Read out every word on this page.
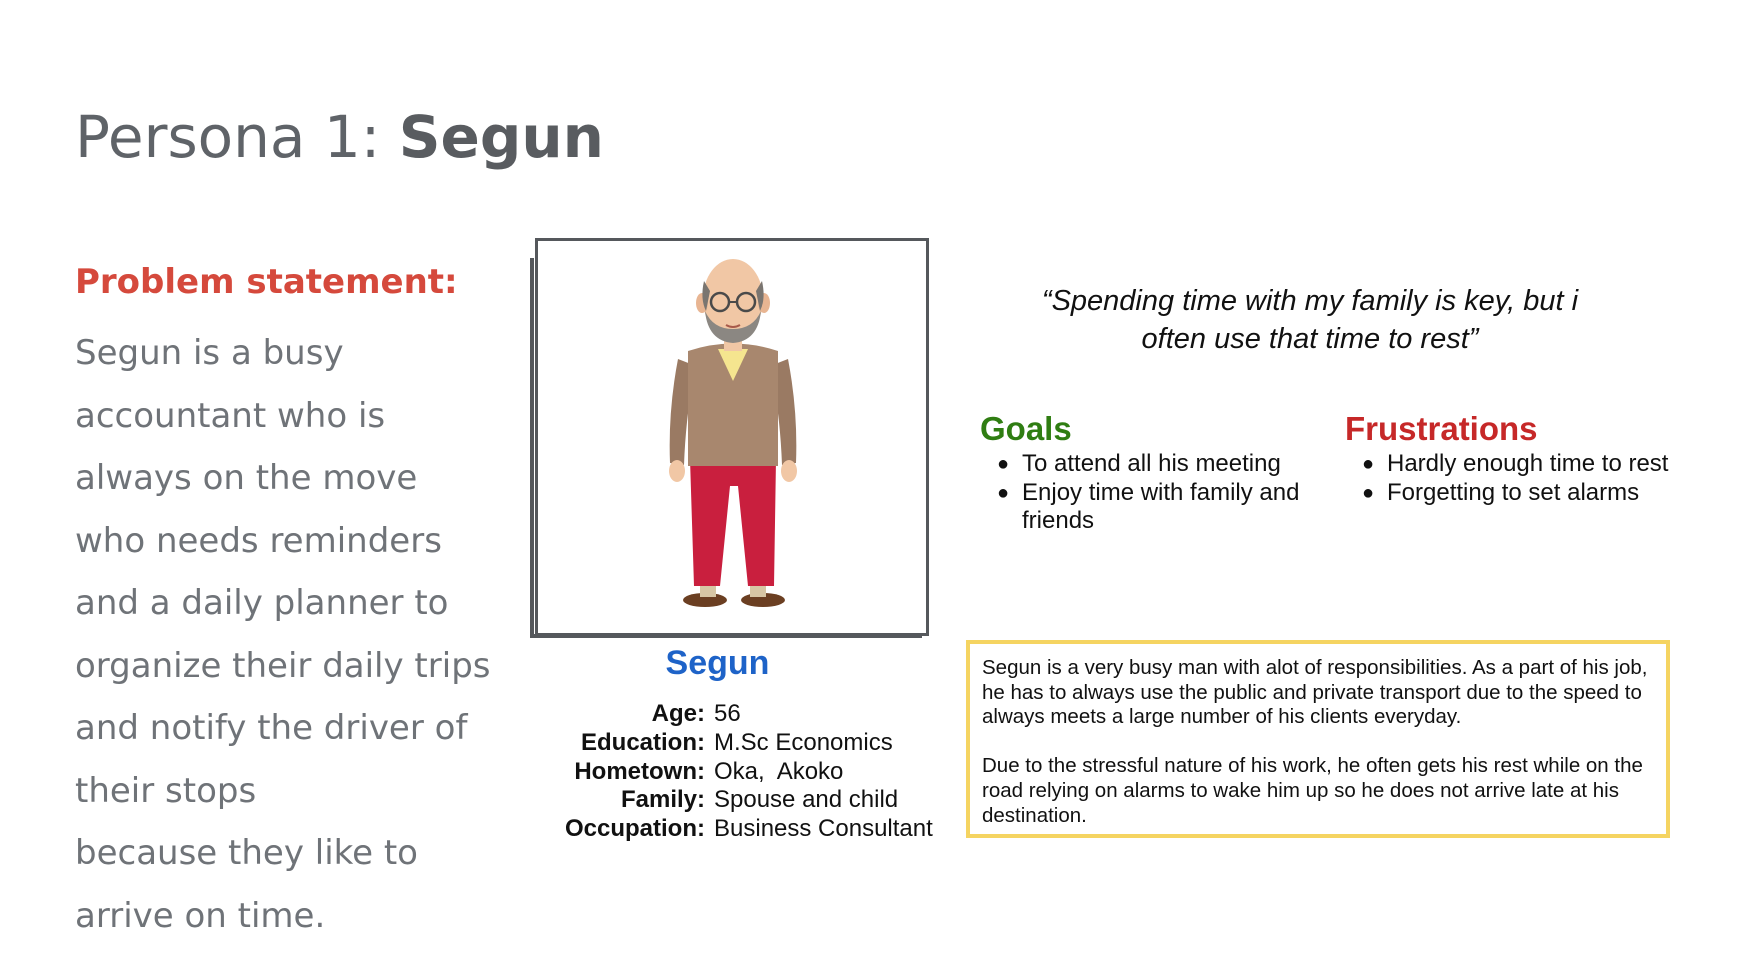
Persona 1: Segun
Problem statement:
Segun is a busy
accountant who is
always on the move
who needs reminders
and a daily planner to
organize their daily trips
and notify the driver of
their stops
because they like to
arrive on time.
Segun
Age: 56
Education: M.Sc Economics
Hometown: Oka,  Akoko
Family: Spouse and child
Occupation: Business Consultant
“Spending time with my family is key, but i
often use that time to rest”
Goals
● To attend all his meeting
● Enjoy time with family and friends
Frustrations
● Hardly enough time to rest
● Forgetting to set alarms

Segun is a very busy man with alot of responsibilities. As a part of his job, he has to always use the public and private transport due to the speed to always meets a large number of his clients everyday.

Due to the stressful nature of his work, he often gets his rest while on the road relying on alarms to wake him up so he does not arrive late at his destination.
